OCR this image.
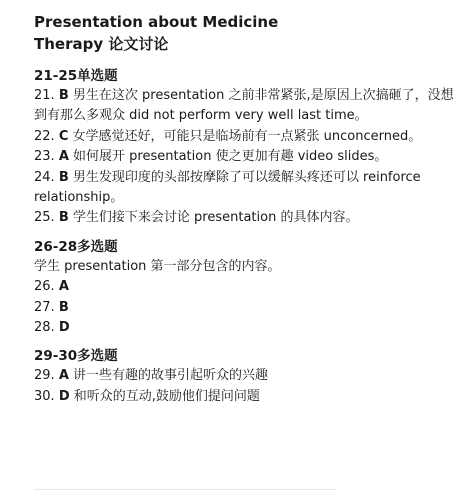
Presentation about Medicine Therapy 论文讨论
21-25单选题
21. B 男生在这次 presentation 之前非常紧张,是原因上次搞砸了，没想到有那么多观众 did not perform very well last time。
22. C 女学感觉还好，可能只是临场前有一点紧张 unconcerned。
23. A 如何展开 presentation 使之更加有趣 video slides。
24. B 男生发现印度的头部按摩除了可以缓解头疼还可以 reinforce relationship。
25. B 学生们接下来会讨论 presentation 的具体内容。
26-28多选题
学生 presentation 第一部分包含的内容。
26. A
27. B
28. D
29-30多选题
29. A 讲一些有趣的故事引起听众的兴趣
30. D 和听众的互动,鼓励他们提问问题
